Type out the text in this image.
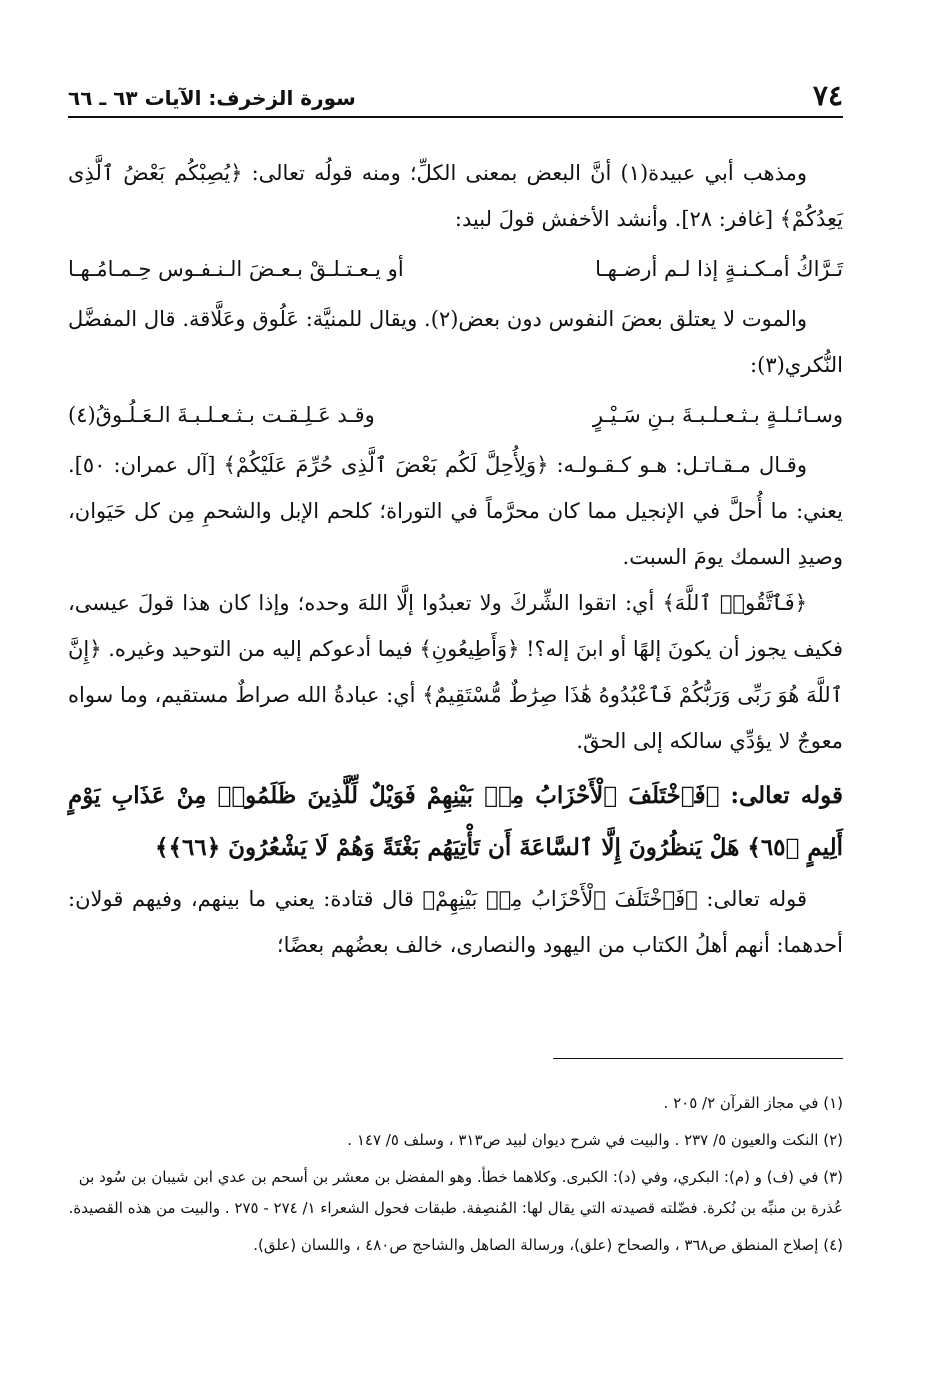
٧٤
سورة الزخرف: الآيات ٦٣ ـ ٦٦

ومذهب أبي عبيدة(١) أنَّ البعض بمعنى الكلِّ؛ ومنه قولُه تعالى: ﴿يُصِبْكُم بَعْضُ ٱلَّذِى يَعِدُكُمْ﴾ [غافر: ٢٨]. وأنشد الأخفش قولَ لبيد:

تَـرَّاكُ أمـكـنـةٍ إذا لـم أرضـهـا
أو يـعـتـلـقْ بـعـضَ الـنـفـوس حِـمـامُـهـا

والموت لا يعتلق بعضَ النفوس دون بعض(٢). ويقال للمنيَّة: عَلُوق وعَلَّاقة. قال المفضَّل النُّكري(٣):

وسـائـلـةٍ بـثـعـلـبـةَ بـنِ سَـيْـرٍ
وقـد عَـلِـقـت بـثـعـلـبـةَ الـعَـلُـوقُ(٤)

وقـال مـقـاتـل: هـو كـقـولـه: ﴿وَلِأُحِلَّ لَكُم بَعْضَ ٱلَّذِى حُرِّمَ عَلَيْكُمْ﴾ [آل عمران: ٥٠]. يعني: ما أُحلَّ في الإنجيل مما كان محرَّماً في التوراة؛ كلحم الإبل والشحمِ مِن كل حَيَوان، وصيدِ السمك يومَ السبت.

﴿فَٱتَّقُوا۟ ٱللَّهَ﴾ أي: اتقوا الشِّركَ ولا تعبدُوا إلَّا اللهَ وحده؛ وإذا كان هذا قولَ عيسى، فكيف يجوز أن يكونَ إلهًا أو ابنَ إله؟! ﴿وَأَطِيعُونِ﴾ فيما أدعوكم إليه من التوحيد وغيره. ﴿إِنَّ ٱللَّهَ هُوَ رَبِّى وَرَبُّكُمْ فَٱعْبُدُوهُ هَٰذَا صِرَٰطٌ مُّسْتَقِيمٌ﴾ أي: عبادةُ الله صراطٌ مستقيم، وما سواه معوجٌ لا يؤدِّي سالكه إلى الحقّ.

قوله تعالى: ﴿فَٱخْتَلَفَ ٱلْأَحْزَابُ مِنۢ بَيْنِهِمْ فَوَيْلٌ لِّلَّذِينَ ظَلَمُوا۟ مِنْ عَذَابِ يَوْمٍ أَلِيمٍ ﴿٦٥﴾ هَلْ يَنظُرُونَ إِلَّا ٱلسَّاعَةَ أَن تَأْتِيَهُم بَغْتَةً وَهُمْ لَا يَشْعُرُونَ ﴿٦٦﴾﴾

قوله تعالى: ﴿فَٱخْتَلَفَ ٱلْأَحْزَابُ مِنۢ بَيْنِهِمْ﴾ قال قتادة: يعني ما بينهم، وفيهم قولان: أحدهما: أنهم أهلُ الكتاب من اليهود والنصارى، خالف بعضُهم بعضًا؛

(١) في مجاز القرآن ٢/ ٢٠٥ .

(٢) النكت والعيون ٥/ ٢٣٧ . والبيت في شرح ديوان لبيد ص٣١٣ ، وسلف ٥/ ١٤٧ .

(٣) في (ف) و (م): البكري، وفي (د): الكبرى. وكلاهما خطأ. وهو المفضل بن معشر بن أسحم بن عدي ابن شيبان بن سُود بن عُذرة بن منبِّه بن نُكرة. فضّلته قصيدته التي يقال لها: المُنصِفة. طبقات فحول الشعراء ١/ ٢٧٤ - ٢٧٥ . والبيت من هذه القصيدة.

(٤) إصلاح المنطق ص٣٦٨ ، والصحاح (علق)، ورسالة الصاهل والشاحج ص٤٨٠ ، واللسان (علق).
